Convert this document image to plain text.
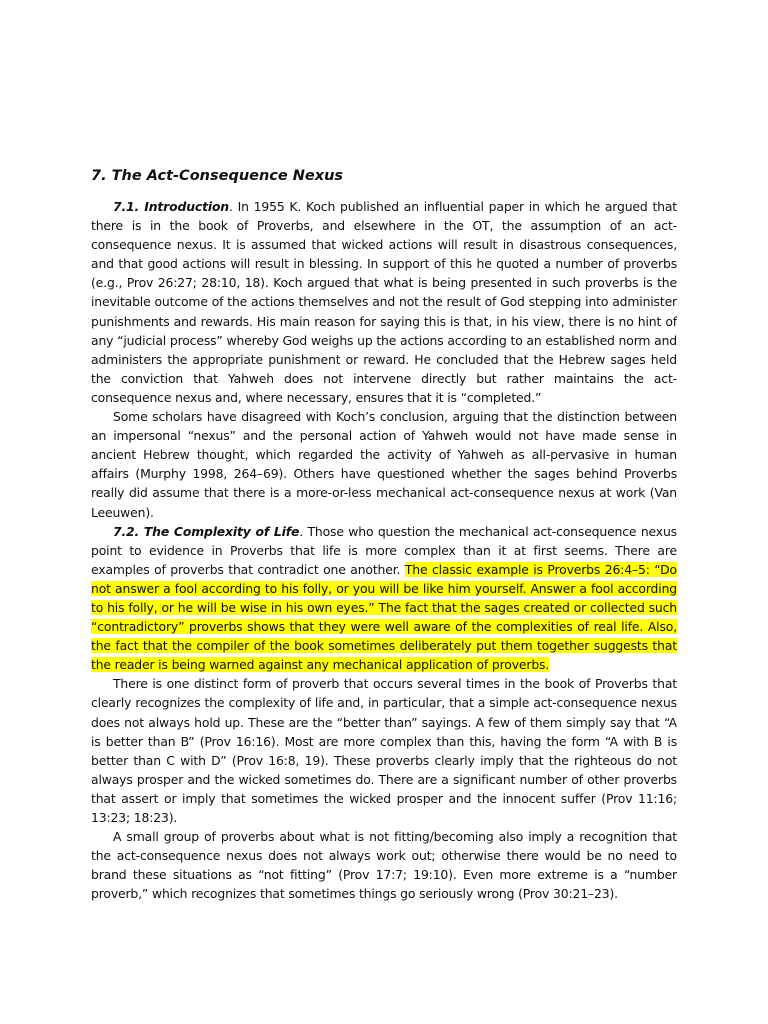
7. The Act-Consequence Nexus

7.1. Introduction. In 1955 K. Koch published an influential paper in which he argued that there is in the book of Proverbs, and elsewhere in the OT, the assumption of an act-consequence nexus. It is assumed that wicked actions will result in disastrous consequences, and that good actions will result in blessing. In support of this he quoted a number of proverbs (e.g., Prov 26:27; 28:10, 18). Koch argued that what is being presented in such proverbs is the inevitable outcome of the actions themselves and not the result of God stepping into administer punishments and rewards. His main reason for saying this is that, in his view, there is no hint of any “judicial process” whereby God weighs up the actions according to an established norm and administers the appropriate punishment or reward. He concluded that the Hebrew sages held the conviction that Yahweh does not intervene directly but rather maintains the act-consequence nexus and, where necessary, ensures that it is “completed.”

Some scholars have disagreed with Koch’s conclusion, arguing that the distinction between an impersonal “nexus” and the personal action of Yahweh would not have made sense in ancient Hebrew thought, which regarded the activity of Yahweh as all-pervasive in human affairs (Murphy 1998, 264–69). Others have questioned whether the sages behind Proverbs really did assume that there is a more-or-less mechanical act-consequence nexus at work (Van Leeuwen).

7.2. The Complexity of Life. Those who question the mechanical act-consequence nexus point to evidence in Proverbs that life is more complex than it at first seems. There are examples of proverbs that contradict one another. The classic example is Proverbs 26:4–5: “Do not answer a fool according to his folly, or you will be like him yourself. Answer a fool according to his folly, or he will be wise in his own eyes.” The fact that the sages created or collected such “contradictory” proverbs shows that they were well aware of the complexities of real life. Also, the fact that the compiler of the book sometimes deliberately put them together suggests that the reader is being warned against any mechanical application of proverbs.

There is one distinct form of proverb that occurs several times in the book of Proverbs that clearly recognizes the complexity of life and, in particular, that a simple act-consequence nexus does not always hold up. These are the “better than” sayings. A few of them simply say that “A is better than B” (Prov 16:16). Most are more complex than this, having the form “A with B is better than C with D” (Prov 16:8, 19). These proverbs clearly imply that the righteous do not always prosper and the wicked sometimes do. There are a significant number of other proverbs that assert or imply that sometimes the wicked prosper and the innocent suffer (Prov 11:16; 13:23; 18:23).

A small group of proverbs about what is not fitting/becoming also imply a recognition that the act-consequence nexus does not always work out; otherwise there would be no need to brand these situations as “not fitting” (Prov 17:7; 19:10). Even more extreme is a “number proverb,” which recognizes that sometimes things go seriously wrong (Prov 30:21–23).
